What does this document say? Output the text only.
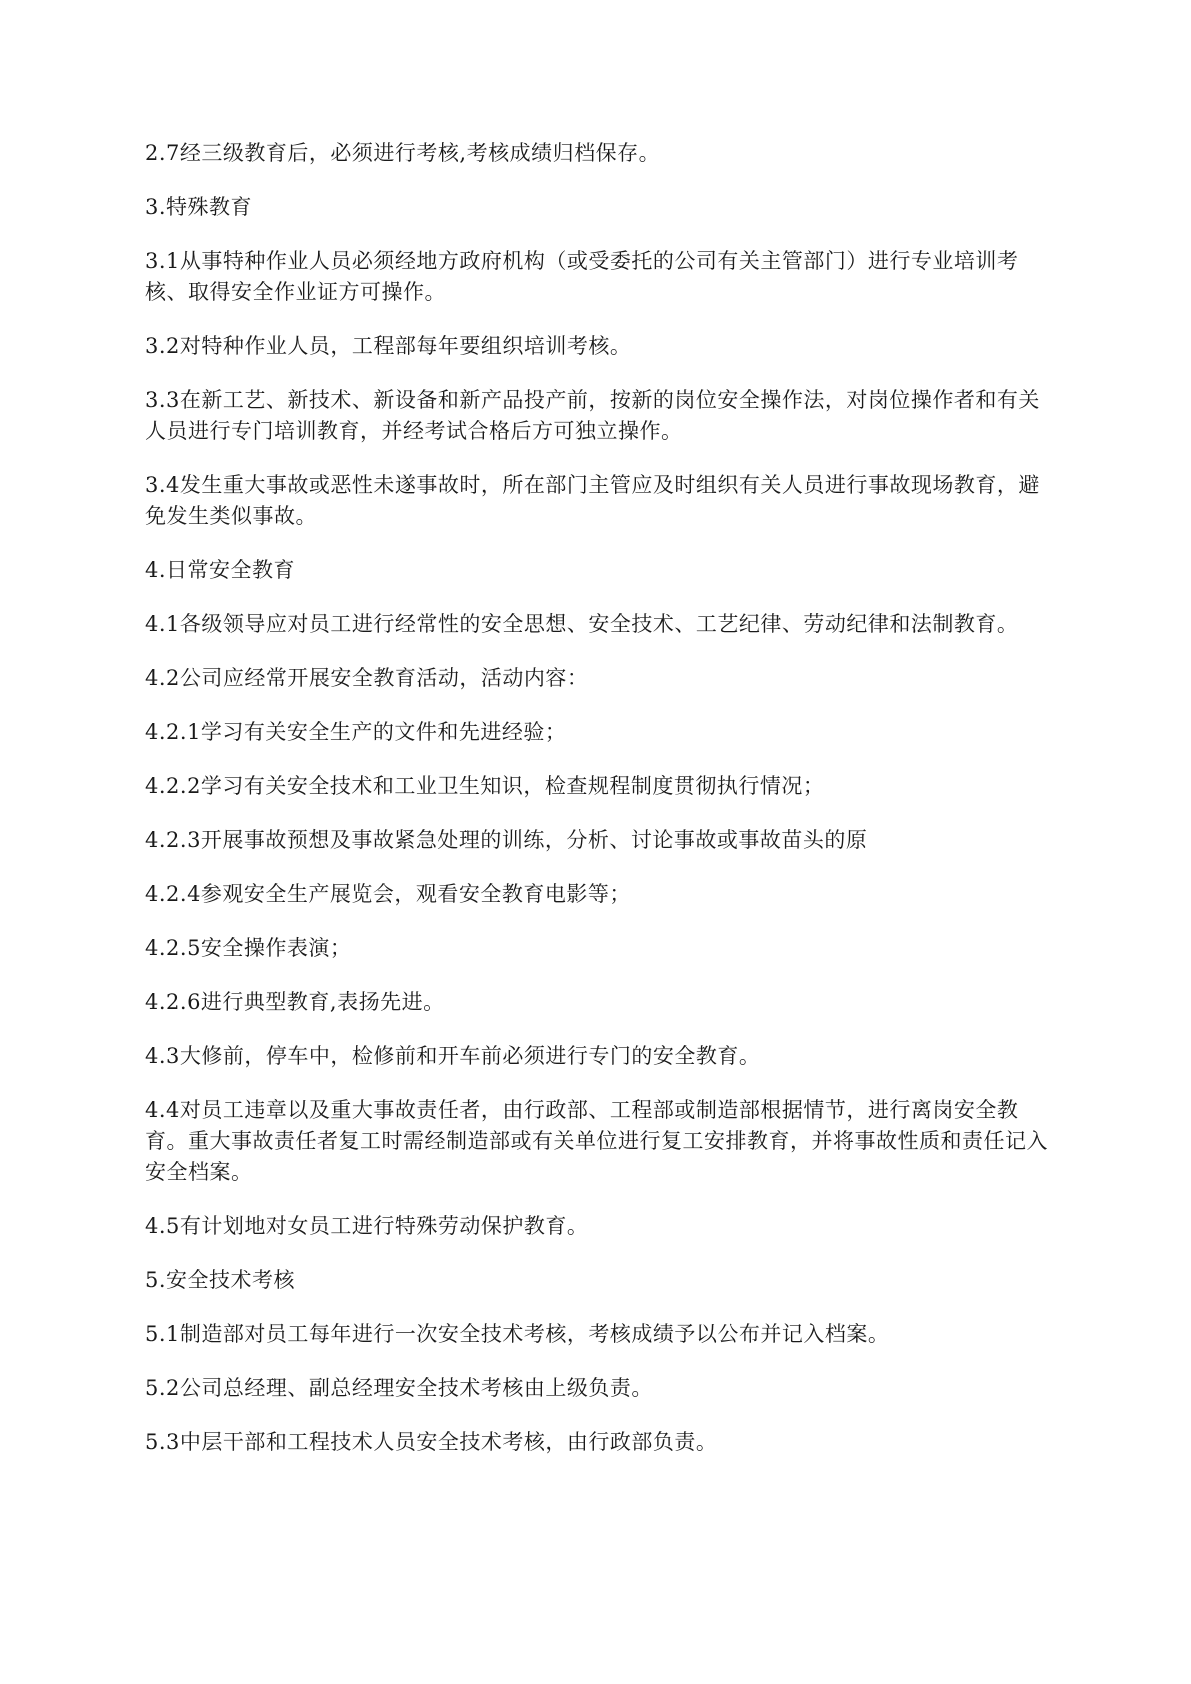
2.7经三级教育后，必须进行考核,考核成绩归档保存。

3.特殊教育

3.1从事特种作业人员必须经地方政府机构（或受委托的公司有关主管部门）进行专业培训考核、取得安全作业证方可操作。

3.2对特种作业人员，工程部每年要组织培训考核。

3.3在新工艺、新技术、新设备和新产品投产前，按新的岗位安全操作法，对岗位操作者和有关人员进行专门培训教育，并经考试合格后方可独立操作。

3.4发生重大事故或恶性未遂事故时，所在部门主管应及时组织有关人员进行事故现场教育，避免发生类似事故。

4.日常安全教育

4.1各级领导应对员工进行经常性的安全思想、安全技术、工艺纪律、劳动纪律和法制教育。

4.2公司应经常开展安全教育活动，活动内容：

4.2.1学习有关安全生产的文件和先进经验；

4.2.2学习有关安全技术和工业卫生知识，检查规程制度贯彻执行情况；

4.2.3开展事故预想及事故紧急处理的训练，分析、讨论事故或事故苗头的原

4.2.4参观安全生产展览会，观看安全教育电影等；

4.2.5安全操作表演；

4.2.6进行典型教育,表扬先进。

4.3大修前，停车中，检修前和开车前必须进行专门的安全教育。

4.4对员工违章以及重大事故责任者，由行政部、工程部或制造部根据情节，进行离岗安全教育。重大事故责任者复工时需经制造部或有关单位进行复工安排教育，并将事故性质和责任记入安全档案。

4.5有计划地对女员工进行特殊劳动保护教育。

5.安全技术考核

5.1制造部对员工每年进行一次安全技术考核，考核成绩予以公布并记入档案。

5.2公司总经理、副总经理安全技术考核由上级负责。

5.3中层干部和工程技术人员安全技术考核，由行政部负责。
